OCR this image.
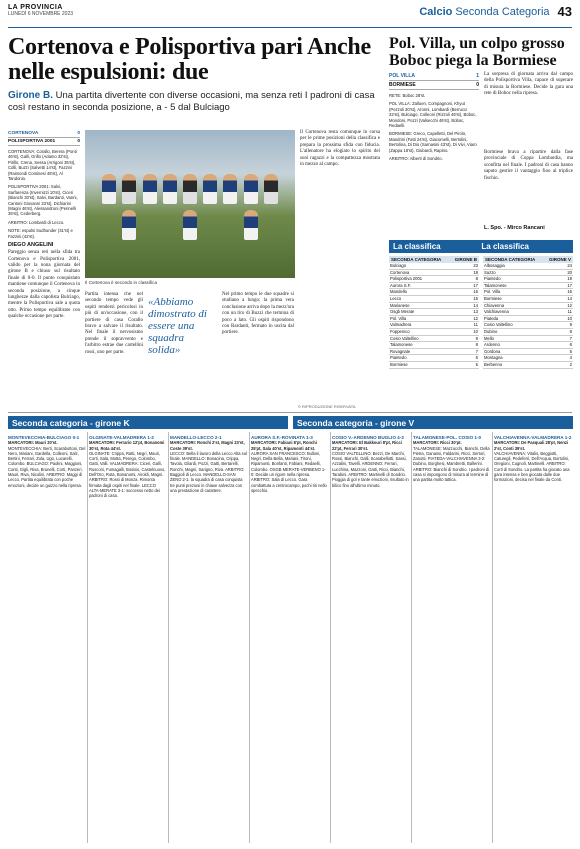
LA PROVINCIA
LUNEDÌ 6 NOVEMBRE 2023	Calcio Seconda Categoria 43
Cortenova e Polisportiva pari Anche nelle espulsioni: due

Girone B. Una partita divertente con diverse occasioni, ma senza reti I padroni di casa così restano in seconda posizione, a - 5 dal Bulciago

CORTENOVA	0
POLISPORTIVA 2001	0

CORTENOVA: Corallo, Berera (Ponti 46'st), Galli, Grillo (Adamo 32'st), Pirillo, Crena, Sessa (Arrigoni 35'st), Colli, Buzzi (Salvetti 14'st), Fazzini (Raimondi Cominesi 46'st), Al Tandonio.

POLISPORTIVA 2001: Salvi, Sarfarenza (Invernizzi 10'st), Ciceri (Bianchi 30'st), Salvi, Bardanti, Vanni, Cantoni Giovanni 33'st), Dichiarini (Magni 46'st), Alessandroni (Perinelli 35'st), Cederberg.

ARBITRO: Lombardi di Lecco.

NOTE: espulsi Sudhunder (31'st) e Fazzini (42'st).

DIEGO ANGELINI

Pareggio senza reti nella sfida tra Cortenova e Polisportiva 2001, valido per la nona giornata del girone B e chiuso sul risultato finale di 0-0. Il punto conquistato mantiene comunque il Cortenova in seconda posizione, a cinque lunghezze dalla capolista Bulciago, mentre la Polisportiva sale a quota otto. Primo tempo equilibrato con qualche occasione per parte.

Il Cortenova è secondo in classifica

Partita intensa che nel secondo tempo vede gli ospiti rendersi pericolosi in più di un'occasione, con il portiere di casa Corallo bravo a salvare il risultato. Nel finale il nervosismo prende il sopravvento e l'arbitro estrae due cartellini rossi, uno per parte.

«Abbiamo dimostrato di essere una squadra solida»

Nel primo tempo le due squadre si studiano a lungo; la prima vera conclusione arriva dopo la mezz'ora con un tiro di Buzzi che termina di poco a lato. Gli ospiti rispondono con Bardanti, fermato in uscita dal portiere.

Il Cortenova resta comunque in corsa per le prime posizioni della classifica e prepara la prossima sfida con fiducia. L'allenatore ha elogiato lo spirito dei suoi ragazzi e la compattezza mostrata in mezzo al campo.

© RIPRODUZIONE RISERVATA
Pol. Villa, un colpo grosso Boboc piega la Bormiese
POL VILLA	1
BORMIESE	0

RETE: Boboc 28'st.

POL VILLA: Zalluen, Compagnoni, Khyut (Pezzoli 30'st), Aronni, Lombardi (Berrucci 32'st), Bulciago, Colleoni (Rizzoli 46'st), Boboc, Mondoni, Pozzi (Valsecchi 46'st), Boboc, Redaelli.

BORMIESE: Greco, Capelletti, Del Pirolo, Mandrini (Fatti 24'st), Giacomelli, Bertolini, Bertolina, Di Dio (Sarnasini 43'st), Di Vivi, Viaro (Zappa 18'st), Giubardi, Rapino.

ARBITRO: Alberti di Sondrio.

La sorpresa di giornata arriva dal campo della Polisportiva Villa, capace di superare di misura la Bormiese. Decide la gara una rete di Boboc nella ripresa.

Bormiese brava a ripartire dalla fase provinciale di Coppa Lombardia, ma sconfitta nel finale. I padroni di casa hanno saputo gestire il vantaggio fino al triplice fischio.

L. Spo. - Mirco Rancani
La classifica	La classifica
SECONDA CATEGORIA	GIRONE B
Bulciago	23
Cortenova	18
Polisportiva 2001	8
Aurora S.F.	17
Mandello	16
Lecco	15
Marianese	14
Osgb Merate	13
Pol. Villa	12
Valmadrera	11
Foppenico	10
Cosio Valtellino	9
Talamonese	8
Rovagnate	7
Piantedo	6
Bormiese	5
SECONDA CATEGORIA	GIRONE V
Albosaggia	24
Sazzo	20
Piantedo	19
Talamonese	17
Pol. Villa	16
Bormiese	14
Chiavenna	12
Valchiavenna	11
Piateda	10
Cosio Valtellino	9
Dubino	8
Mello	7
Ardenno	6
Gordona	5
Montagna	4
Berbenno	2
Seconda categoria - girone K	Seconda categoria - girone V
MONTEVECCHIA-BULCIAGO 0-1

MARCATORI: Mauri 20'st.

MONTEVECCHIA: Berti, Scarabottoni, Del Nero, Mariani, Gardella, Colleoni, Salz, Bertini, Ferrari, Zola, Ugo, Lucarelli, Colombo. BULCIAGO: Paolini, Maggioni, Conti, Gigli, Riva, Brunelli, Corti, Panzeri, Mauri, Riva, Nicolini. ARBITRO: Maggi di Lecco. Partita equilibrata con poche emozioni, decide un guizzo nella ripresa.

OLGINATE-VALMADRERA 1-2

MARCATORI: Ferrario 12'pt, Bonanomi 30'st, Rota 44'st.

OLGINATE: Crippa, Ratti, Negri, Mauri, Corti, Sala, Motta, Perego, Colombo, Gatti, Valli. VALMADRERA: Ciceri, Galli, Rusconi, Fumagalli, Bosisio, Castelnuovo, Dell'Oro, Rota, Bonanomi, Airoldi, Magni. ARBITRO: Rossi di Monza. Rimonta firmata dagli ospiti nel finale. LECCO ALTA-MERATE 3-1: successo netto dei padroni di casa.

MANDELLO-LECCO 2-1

MARCATORI: Ronchi 2'st, Magni 23'st, Coste 39'st.

LECCO: Bella il lavoro della Lecco Alta sul finale. MANDELLO: Bonacina, Crippa, Tavola, Gilardi, Pozzi, Gatti, Bertarelli, Ronchi, Magni, Sarigno, Riva. ARBITRO: Baggioli di Lecco. MANDELLO-SAN ZENO 2-1: la squadra di casa conquista tre punti preziosi in chiave salvezza con una prestazione di carattere.

AURORA S.F.-ROVINATA 1-3

MARCATORI: Fabiani 8'pt, Ronchi 25'pt, Sala 40'st, Ripamonti 44'st.

AURORA SAN FRANCESCO: Bulloni, Negri, Della Bella, Mariani, Tironi, Ripamonti, Bonfanti, Fabiani, Redaelli, Colombo. OSGB MERATE-VERBENO 1-0: Decide un rigore nella ripresa. ARBITRO: Sala di Lecco. Gara combattuta a centrocampo, pochi tiri nello specchio.

COSIO V.-ARDENNO BUGLIO 4-3

MARCATORI: El Bakkouri 8'pt, Ricci 22'pt, Ferrari 30'st.

COSIO VALTELLINO: Bezzi, De Marchi, Rossi, Bianchi, Galli, Scarabellotti, Sassi, Azzalini, Tavelli. ARDENNO: Ferrari, Lucchina, Mazzoni, Gatti, Ricci, Bianchi, Tarabini. ARBITRO: Martinelli di Sondrio. Pioggia di gol e tante emozioni, risultato in bilico fino all'ultimo minuto.

TALAMONESE-POL. COSIO 1-0

MARCATORI: Ricci 30'pt.

TALAMONESE: Mazzucchi, Bianchi, Della Pietra, Ganassi, Faldarini, Ricci, Sertori, Zanotti. PIATEDA-VALCHIAVENNA 3-2: Dubino, Borghesi, Mambretti, Ballerini. ARBITRO: Bianchi di Sondrio. I padroni di casa si impongono di misura al termine di una partita molto tattica.

VALCHIAVENNA-VALMADRERA 1-2

MARCATORI: De Pasquali 28'pt, Nenzi 2'st, Conti 39'st.

VALCHIAVENNA: Vitalis, Beggiotti, Caturegli, Pedeferri, Dell'Acqua, Bortolini, Oregioni, Cugnoli, Martinelli. ARBITRO: Corti di Sondrio. La partita ha giocato una gara intensa e ben giocata dalle due formazioni, decisa nel finale da Conti.
